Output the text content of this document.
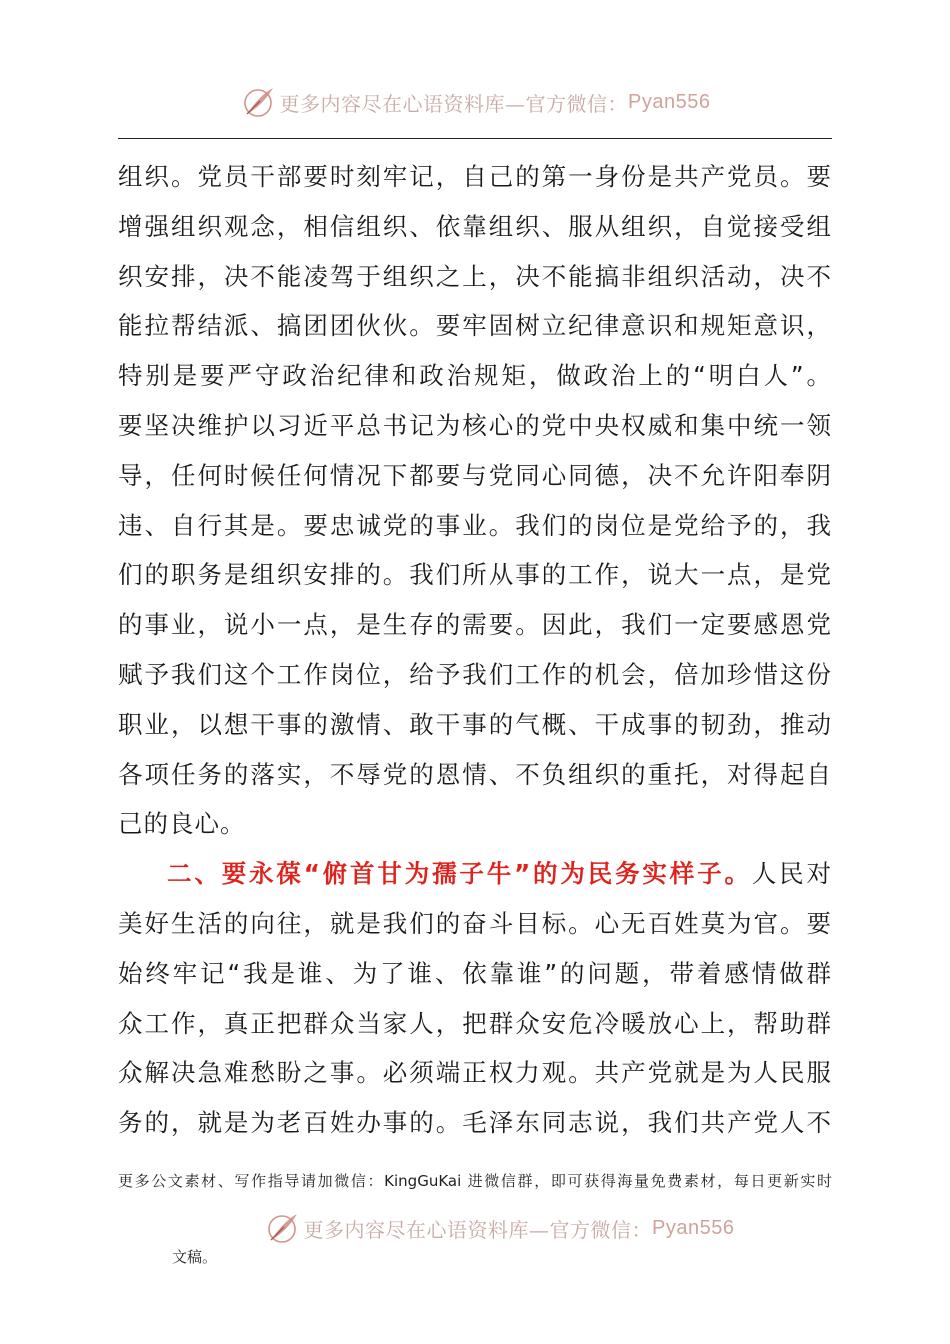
更多内容尽在心语资料库—官方微信： Pyan556
组织。党员干部要时刻牢记，自己的第一身份是共产党员。要
增强组织观念，相信组织、依靠组织、服从组织，自觉接受组
织安排，决不能凌驾于组织之上，决不能搞非组织活动，决不
能拉帮结派、搞团团伙伙。要牢固树立纪律意识和规矩意识，
特别是要严守政治纪律和政治规矩，做政治上的“明白人”。
要坚决维护以习近平总书记为核心的党中央权威和集中统一领
导，任何时候任何情况下都要与党同心同德，决不允许阳奉阴
违、自行其是。要忠诚党的事业。我们的岗位是党给予的，我
们的职务是组织安排的。我们所从事的工作，说大一点，是党
的事业，说小一点，是生存的需要。因此，我们一定要感恩党
赋予我们这个工作岗位，给予我们工作的机会，倍加珍惜这份
职业，以想干事的激情、敢干事的气概、干成事的韧劲，推动
各项任务的落实，不辱党的恩情、不负组织的重托，对得起自
己的良心。
二、要永葆“俯首甘为孺子牛”的为民务实样子。人民对
美好生活的向往，就是我们的奋斗目标。心无百姓莫为官。要
始终牢记“我是谁、为了谁、依靠谁”的问题，带着感情做群
众工作，真正把群众当家人，把群众安危冷暖放心上，帮助群
众解决急难愁盼之事。必须端正权力观。共产党就是为人民服
务的，就是为老百姓办事的。毛泽东同志说，我们共产党人不
更多公文素材、写作指导请加微信：KingGuKai 进微信群，即可获得海量免费素材，每日更新实时
更多内容尽在心语资料库—官方微信： Pyan556
文稿。
